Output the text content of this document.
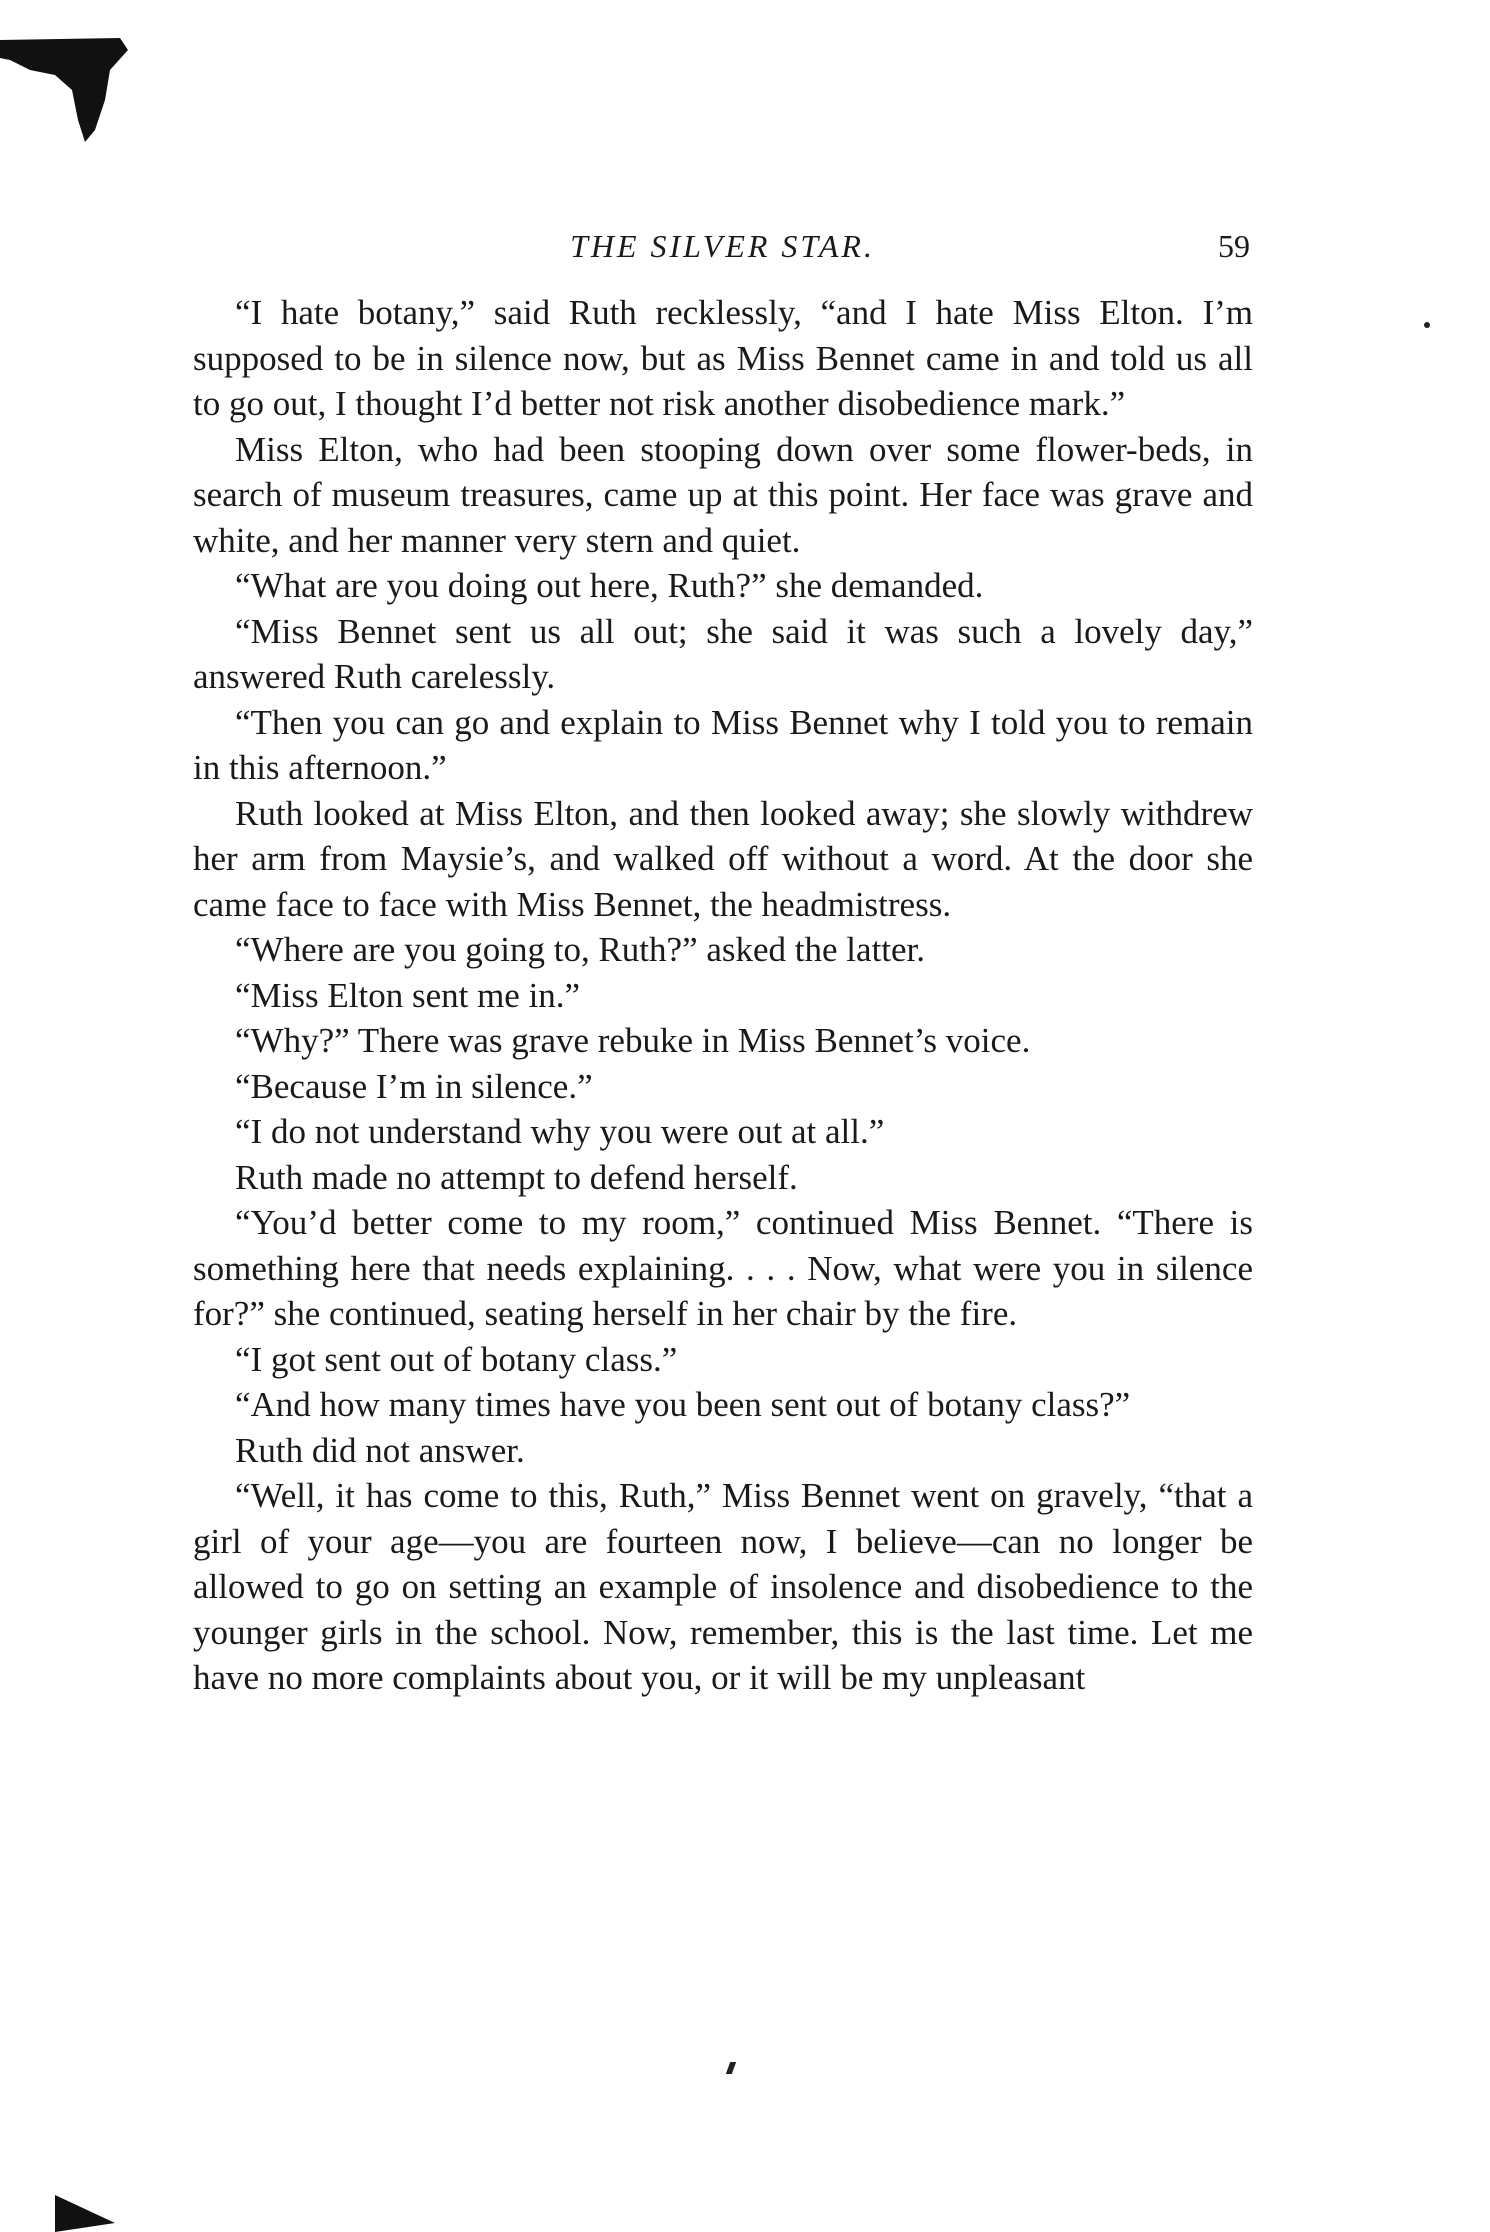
THE SILVER STAR.	59

“I hate botany,” said Ruth recklessly, “and I hate Miss Elton. I’m supposed to be in silence now, but as Miss Bennet came in and told us all to go out, I thought I’d better not risk another disobedience mark.”

Miss Elton, who had been stooping down over some flower-beds, in search of museum treasures, came up at this point. Her face was grave and white, and her manner very stern and quiet.

“What are you doing out here, Ruth?” she demanded.

“Miss Bennet sent us all out; she said it was such a lovely day,” answered Ruth carelessly.

“Then you can go and explain to Miss Bennet why I told you to remain in this afternoon.”

Ruth looked at Miss Elton, and then looked away; she slowly withdrew her arm from Maysie’s, and walked off without a word. At the door she came face to face with Miss Bennet, the headmistress.

“Where are you going to, Ruth?” asked the latter.

“Miss Elton sent me in.”

“Why?” There was grave rebuke in Miss Bennet’s voice.

“Because I’m in silence.”

“I do not understand why you were out at all.”

Ruth made no attempt to defend herself.

“You’d better come to my room,” continued Miss Bennet. “There is something here that needs explaining. . . . Now, what were you in silence for?” she continued, seating herself in her chair by the fire.

“I got sent out of botany class.”

“And how many times have you been sent out of botany class?”

Ruth did not answer.

“Well, it has come to this, Ruth,” Miss Bennet went on gravely, “that a girl of your age—you are fourteen now, I believe—can no longer be allowed to go on setting an example of insolence and disobedience to the younger girls in the school. Now, remember, this is the last time. Let me have no more complaints about you, or it will be my unpleasant
